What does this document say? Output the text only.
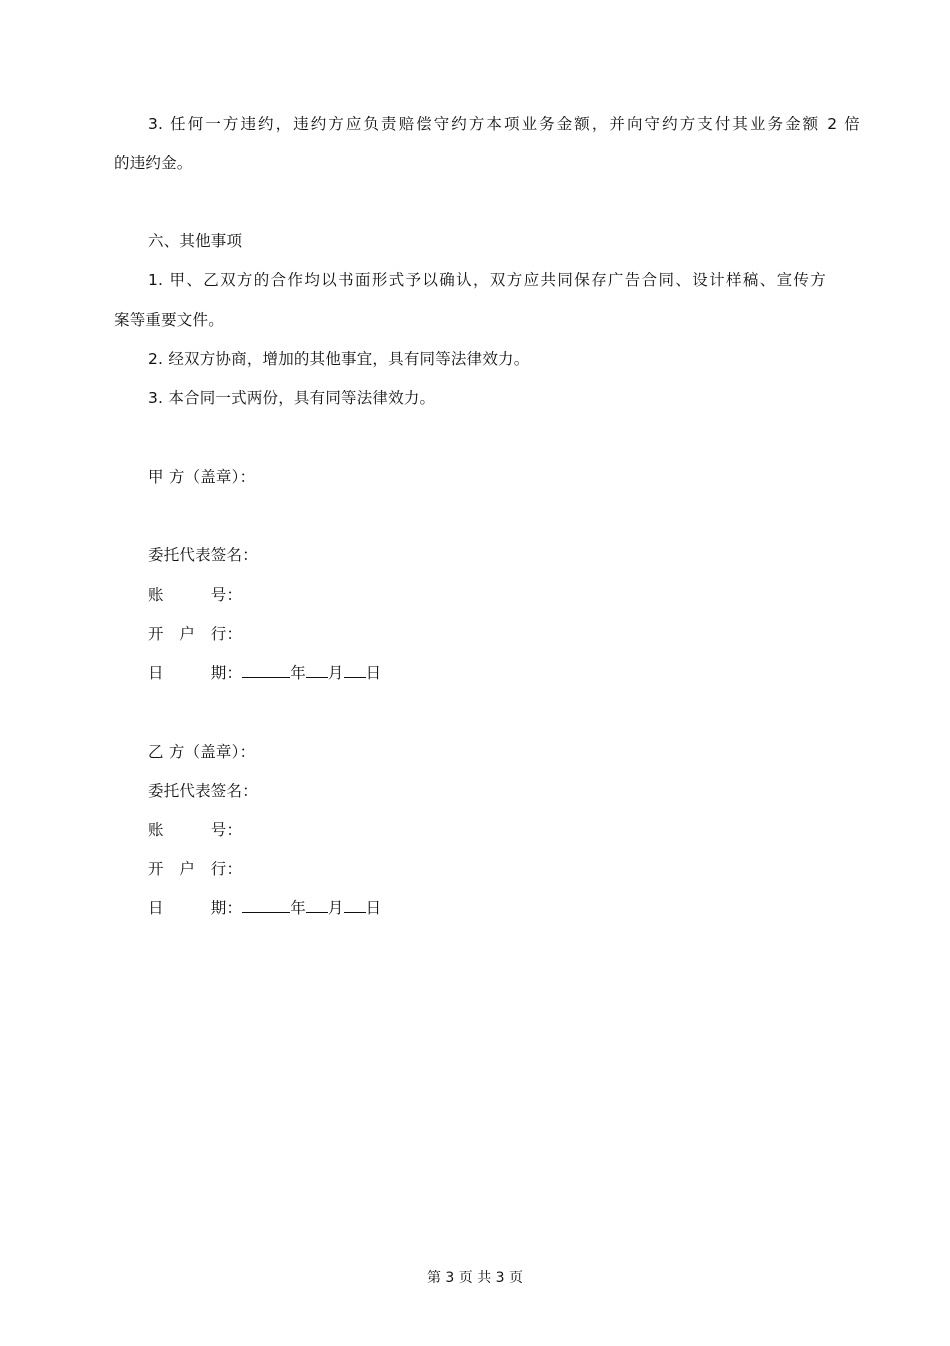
3. 任何一方违约，违约方应负责赔偿守约方本项业务金额，并向守约方支付其业务金额 2 倍
的违约金。
六、其他事项
1. 甲、乙双方的合作均以书面形式予以确认，双方应共同保存广告合同、设计样稿、宣传方
案等重要文件。
2. 经双方协商，增加的其他事宜，具有同等法律效力。
3. 本合同一式两份，具有同等法律效力。
甲 方（盖章）：
委托代表签名：
账　　　号：
开　户　行：
日　　　期：	年 月 日
乙 方（盖章）：
委托代表签名：
账　　　号：
开　户　行：
日　　　期：	年 月 日
第 3 页 共 3 页
